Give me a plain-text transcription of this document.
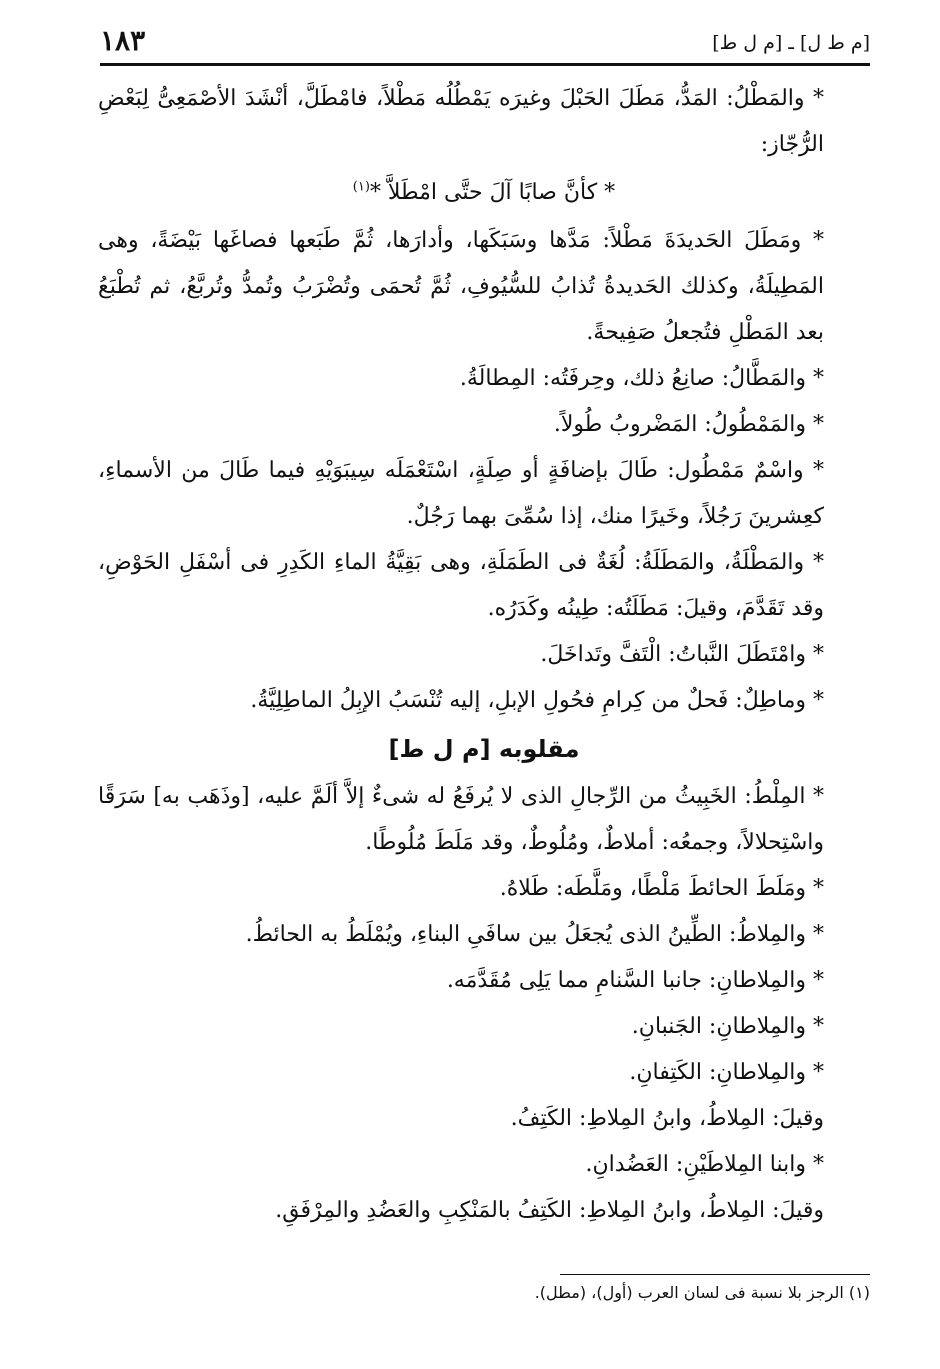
١٨٣	[م ط ل] ـ [م ل ط]

* والمَطْلُ: المَدُّ، مَطَلَ الحَبْلَ وغيرَه يَمْطُلُه مَطْلاً، فامْطَلَّ، أنْشَدَ الأصْمَعِىُّ لِبَعْضِ الرُّجّاز:

* كأنَّ صابًا آلَ حتَّى امْطَلاَّ *$^{(١)}$

* ومَطَلَ الحَديدَةَ مَطْلاً: مَدَّها وسَبَكَها، وأدارَها، ثُمَّ طَبَعها فصاغَها بَيْضَةً، وهى المَطِيلَةُ، وكذلك الحَديدةُ تُذابُ للسُّيُوفِ، ثُمَّ تُحمَى وتُضْرَبُ وتُمدُّ وتُربَّعُ، ثم تُطْبَعُ بعد المَطْلِ فتُجعلُ صَفِيحةً.

* والمَطَّالُ: صانِعُ ذلك، وحِرفَتُه: المِطالَةُ.

* والمَمْطُولُ: المَضْروبُ طُولاً.

* واسْمٌ مَمْطُول: طَالَ بإضافَةٍ أو صِلَةٍ، اسْتَعْمَلَه سِيبَوَيْهِ فيما طَالَ من الأسماءِ، كعِشرينَ رَجُلاً، وخَيرًا منك، إذا سُمِّىَ بهما رَجُلٌ.

* والمَطْلَةُ، والمَطَلَةُ: لُغَةٌ فى الطَمَلَةِ، وهى بَقِيَّةُ الماءِ الكَدِرِ فى أسْفَلِ الحَوْضِ، وقد تَقَدَّمَ، وقيلَ: مَطَلَتُه: طِينُه وكَدَرُه.

* وامْتَطَلَ النَّباتُ: الْتَفَّ وتَداخَلَ.

* وماطِلٌ: فَحلٌ من كِرامِ فحُولِ الإبلِ، إليه تُنْسَبُ الإبِلُ الماطِلِيَّةُ.

مقلوبه [م ل ط]

* المِلْطُ: الخَبِيثُ من الرِّجالِ الذى لا يُرفَعُ له شىءٌ إلاَّ ألَمَّ عليه، [وذَهَب به] سَرَقًا واسْتِحلالاً، وجمعُه: أملاطٌ، ومُلُوطٌ، وقد مَلَطَ مُلُوطًا.

* ومَلَطَ الحائطَ مَلْطًا، ومَلَّطَه: طَلاهُ.

* والمِلاطُ: الطِّينُ الذى يُجعَلُ بين سافَىِ البناءِ، ويُمْلَطُ به الحائطُ.

* والمِلاطانِ: جانبا السَّنامِ مما يَلِى مُقَدَّمَه.

* والمِلاطانِ: الجَنبانِ.

* والمِلاطانِ: الكَتِفانِ.

وقيلَ: المِلاطُ، وابنُ المِلاطِ: الكَتِفُ.

* وابنا المِلاطَيْنِ: العَضُدانِ.

وقيلَ: المِلاطُ، وابنُ المِلاطِ: الكَتِفُ بالمَنْكِبِ والعَضُدِ والمِرْفَقِ.

(١) الرجز بلا نسبة فى لسان العرب (أول)، (مطل).
